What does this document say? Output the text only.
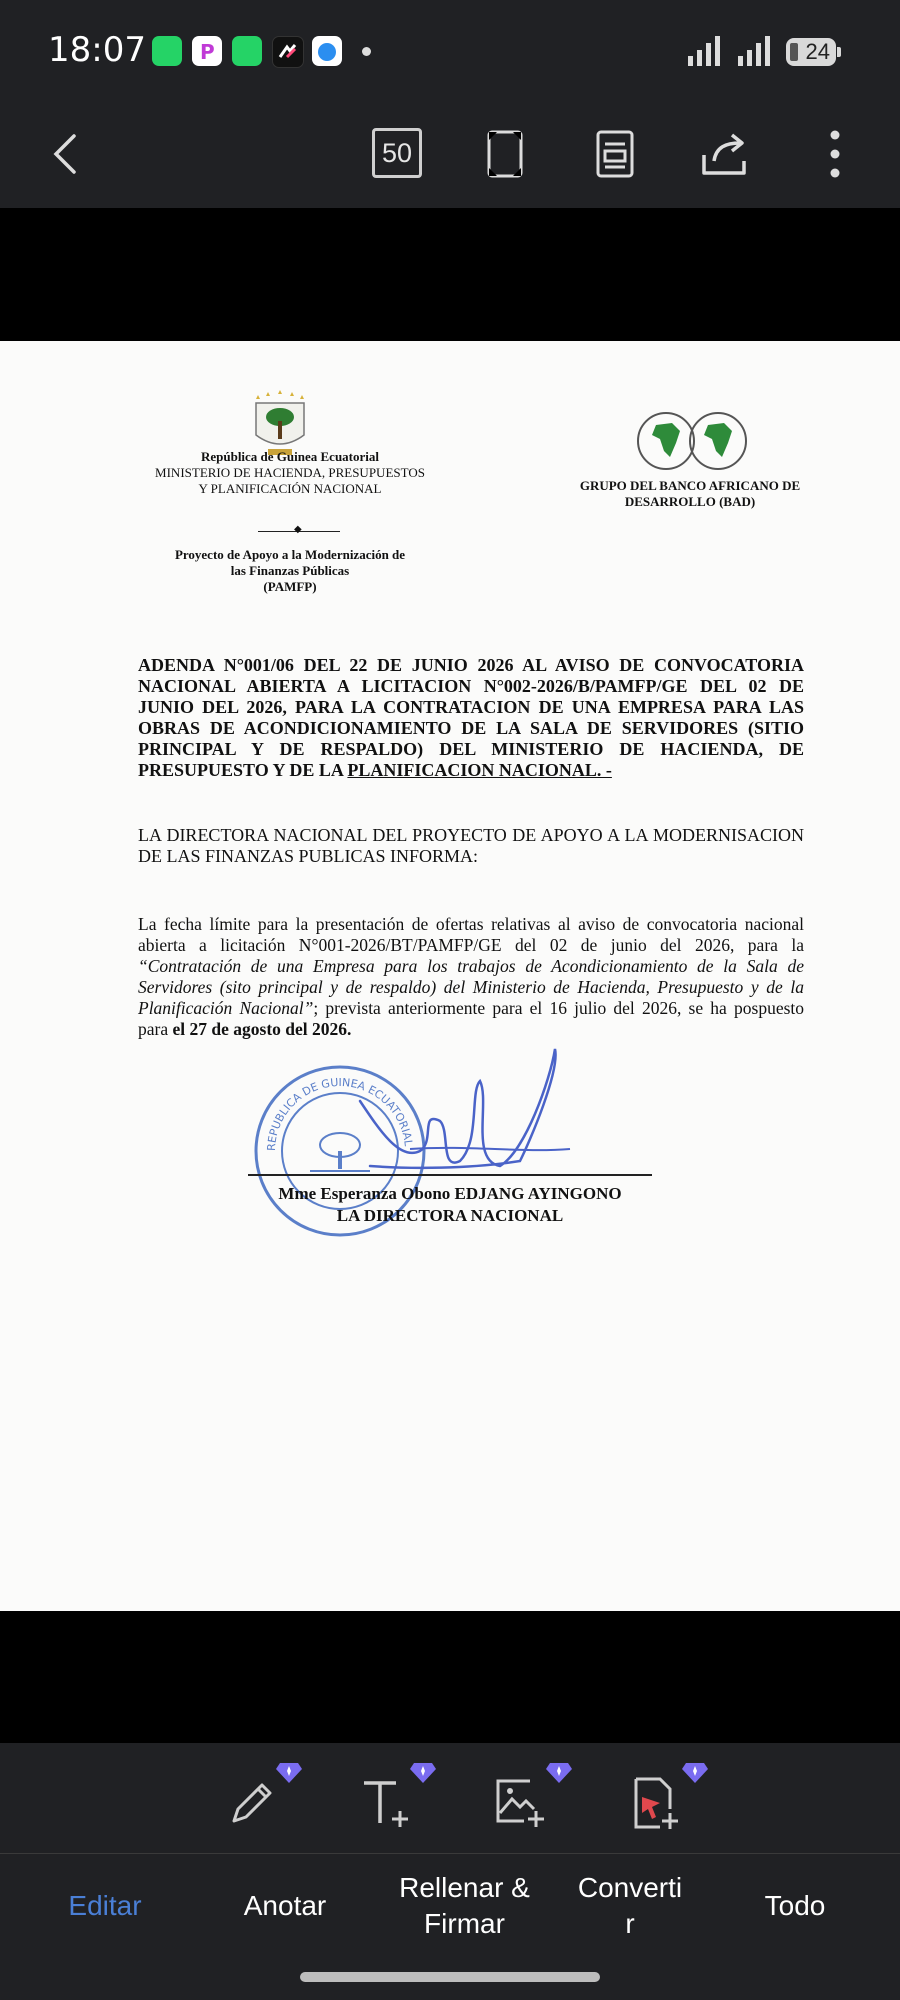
18:07	P	24
50
República de Guinea Ecuatorial
MINISTERIO DE HACIENDA, PRESUPUESTOS
Y PLANIFICACIÓN NACIONAL
◆
Proyecto de Apoyo a la Modernización de
las Finanzas Públicas
(PAMFP)
GRUPO DEL BANCO AFRICANO DE
DESARROLLO (BAD)
ADENDA N°001/06 DEL 22 DE JUNIO 2026 AL AVISO DE CONVOCATORIA NACIONAL ABIERTA A LICITACION N°002-2026/B/PAMFP/GE DEL 02 DE JUNIO DEL 2026, PARA LA CONTRATACION DE UNA EMPRESA PARA LAS OBRAS DE ACONDICIONAMIENTO DE LA SALA DE SERVIDORES (SITIO PRINCIPAL Y DE RESPALDO) DEL MINISTERIO DE HACIENDA, DE PRESUPUESTO Y DE LA PLANIFICACION NACIONAL. -
LA DIRECTORA NACIONAL DEL PROYECTO DE APOYO A LA MODERNISACION DE LAS FINANZAS PUBLICAS INFORMA:
La fecha límite para la presentación de ofertas relativas al aviso de convocatoria nacional abierta a licitación N°001-2026/BT/PAMFP/GE del 02 de junio del 2026, para la “Contratación de una Empresa para los trabajos de Acondicionamiento de la Sala de Servidores (sito principal y de respaldo) del Ministerio de Hacienda, Presupuesto y de la Planificación Nacional”; prevista anteriormente para el 16 julio del 2026, se ha pospuesto para el 27 de agosto del 2026.
REPUBLICA DE GUINEA ECUATORIAL
Mme Esperanza Obono EDJANG AYINGONO
LA DIRECTORA NACIONAL
Editar	Anotar
Rellenar &
Firmar
Converti
r
Todo
